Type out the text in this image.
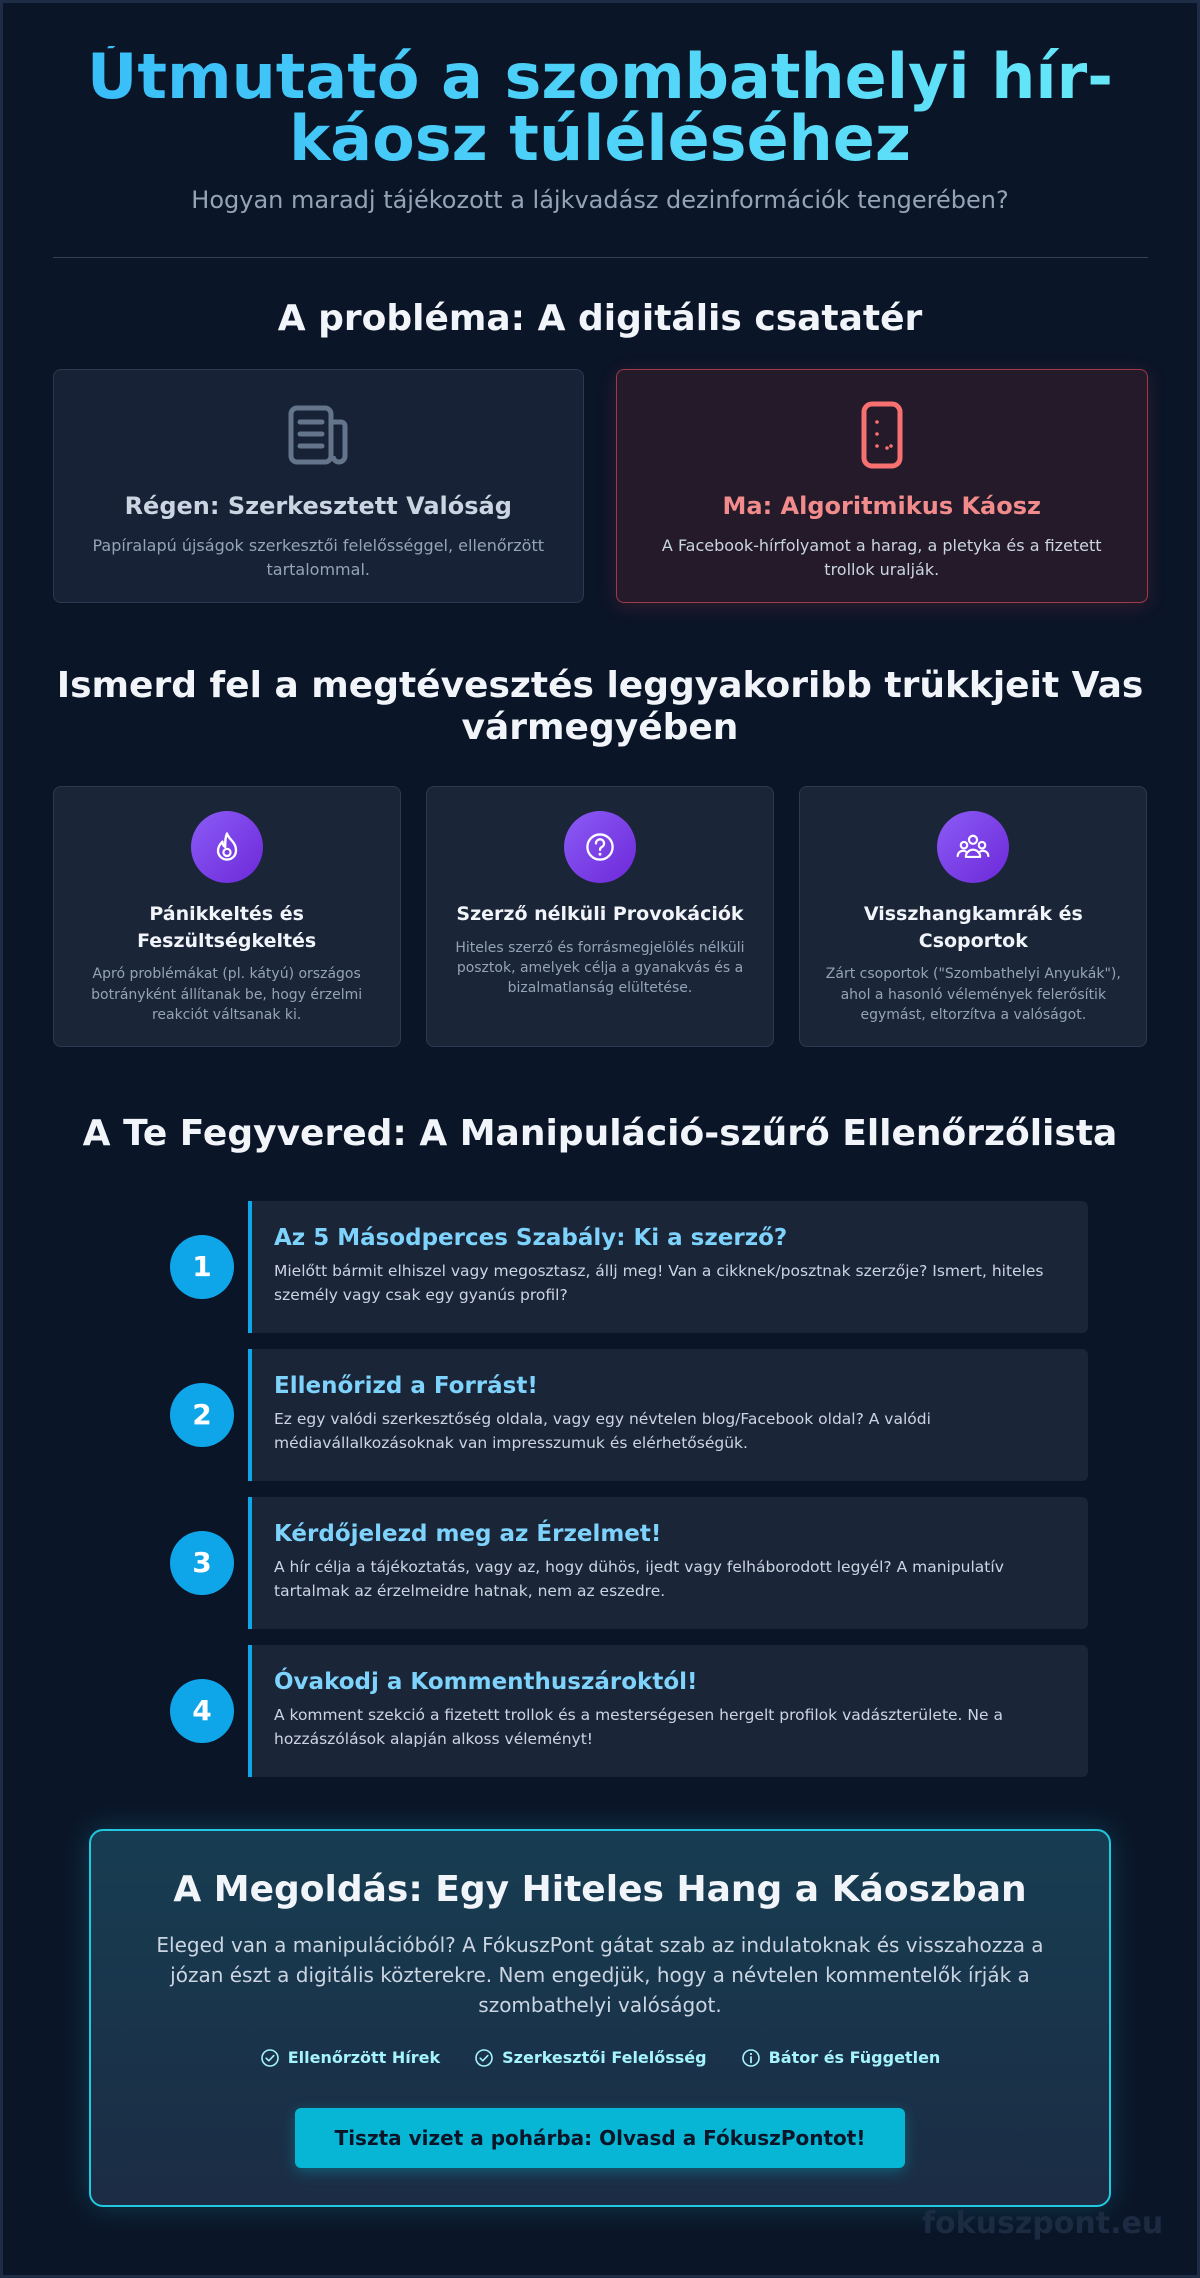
Útmutató a szombathelyi hír-káosz túléléséhez

Hogyan maradj tájékozott a lájkvadász dezinformációk tengerében?

A probléma: A digitális csatatér
Régen: Szerkesztett Valóság

Papíralapú újságok szerkesztői felelősséggel, ellenőrzött tartalommal.

Ma: Algoritmikus Káosz

A Facebook-hírfolyamot a harag, a pletyka és a fizetett trollok uralják.

Ismerd fel a megtévesztés leggyakoribb trükkjeit Vas vármegyében
Pánikkeltés és Feszültségkeltés

Apró problémákat (pl. kátyú) országos botrányként állítanak be, hogy érzelmi reakciót váltsanak ki.

Szerző nélküli Provokációk

Hiteles szerző és forrásmegjelölés nélküli posztok, amelyek célja a gyanakvás és a bizalmatlanság elültetése.

Visszhangkamrák és Csoportok

Zárt csoportok ("Szombathelyi Anyukák"), ahol a hasonló vélemények felerősítik egymást, eltorzítva a valóságot.

A Te Fegyvered: A Manipuláció-szűrő Ellenőrzőlista
1
Az 5 Másodperces Szabály: Ki a szerző?

Mielőtt bármit elhiszel vagy megosztasz, állj meg! Van a cikknek/posztnak szerzője? Ismert, hiteles személy vagy csak egy gyanús profil?

2
Ellenőrizd a Forrást!

Ez egy valódi szerkesztőség oldala, vagy egy névtelen blog/Facebook oldal? A valódi médiavállalkozásoknak van impresszumuk és elérhetőségük.

3
Kérdőjelezd meg az Érzelmet!

A hír célja a tájékoztatás, vagy az, hogy dühös, ijedt vagy felháborodott legyél? A manipulatív tartalmak az érzelmeidre hatnak, nem az eszedre.

4
Óvakodj a Kommenthuszároktól!

A komment szekció a fizetett trollok és a mesterségesen hergelt profilok vadászterülete. Ne a hozzászólások alapján alkoss véleményt!

A Megoldás: Egy Hiteles Hang a Káoszban

Eleged van a manipulációból? A FókuszPont gátat szab az indulatoknak és visszahozza a józan észt a digitális közterekre. Nem engedjük, hogy a névtelen kommentelők írják a szombathelyi valóságot.

Ellenőrzött Hírek	Szerkesztői Felelősség	Bátor és Független
Tiszta vizet a pohárba: Olvasd a FókuszPontot!
fokuszpont.eu
